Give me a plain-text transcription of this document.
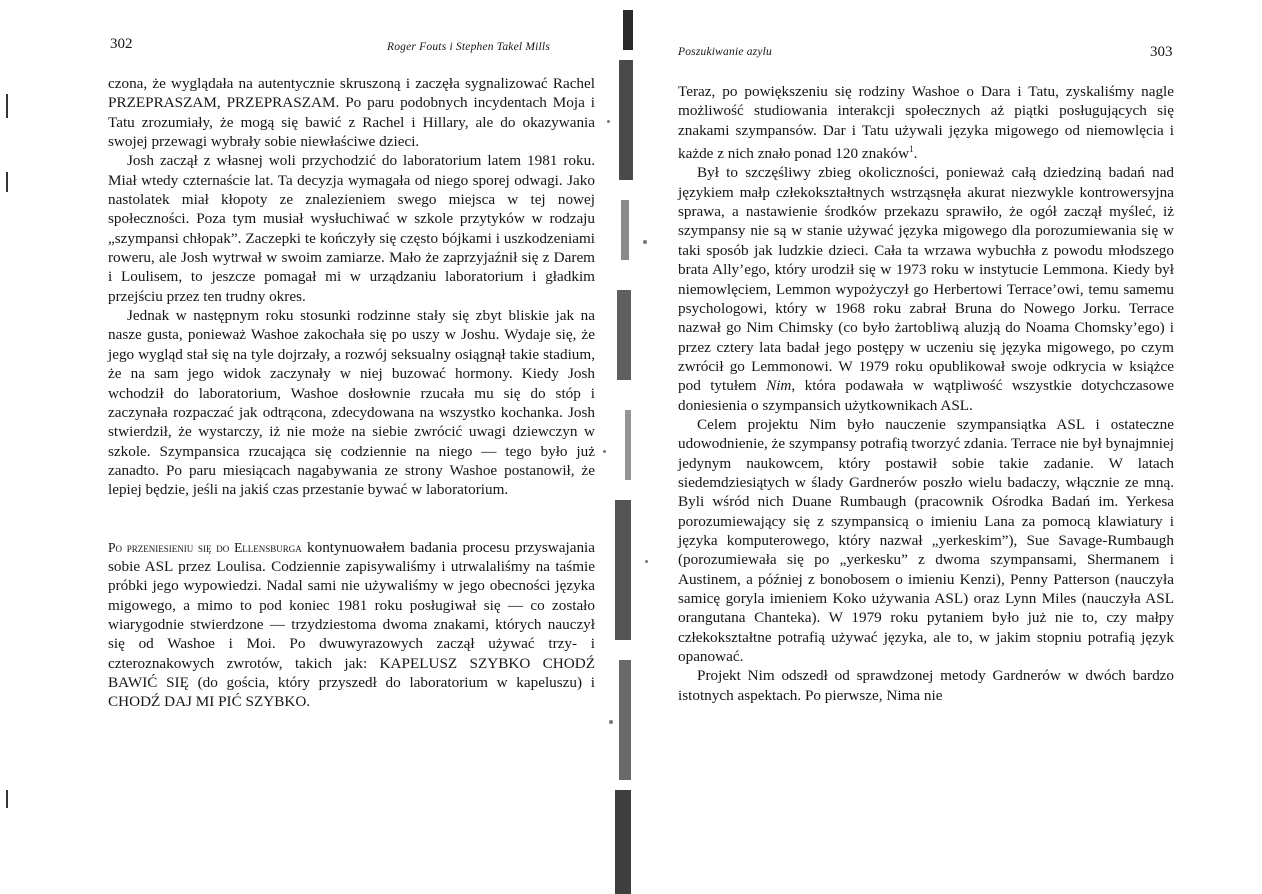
302	Roger Fouts i Stephen Takel Mills

czona, że wyglądała na autentycznie skruszoną i zaczęła sygnalizować Rachel PRZEPRASZAM, PRZEPRASZAM. Po paru podobnych incydentach Moja i Tatu zrozumiały, że mogą się bawić z Rachel i Hillary, ale do okazywania swojej przewagi wybrały sobie niewłaściwe dzieci.

Josh zaczął z własnej woli przychodzić do laboratorium latem 1981 roku. Miał wtedy czternaście lat. Ta decyzja wymagała od niego sporej odwagi. Jako nastolatek miał kłopoty ze znalezieniem swego miejsca w tej nowej społeczności. Poza tym musiał wysłuchiwać w szkole przytyków w rodzaju „szympansi chłopak”. Zaczepki te kończyły się często bójkami i uszkodzeniami roweru, ale Josh wytrwał w swoim zamiarze. Mało że zaprzyjaźnił się z Darem i Loulisem, to jeszcze pomagał mi w urządzaniu laboratorium i gładkim przejściu przez ten trudny okres.

Jednak w następnym roku stosunki rodzinne stały się zbyt bliskie jak na nasze gusta, ponieważ Washoe zakochała się po uszy w Joshu. Wydaje się, że jego wygląd stał się na tyle dojrzały, a rozwój seksualny osiągnął takie stadium, że na sam jego widok zaczynały w niej buzować hormony. Kiedy Josh wchodził do laboratorium, Washoe dosłownie rzucała mu się do stóp i zaczynała rozpaczać jak odtrącona, zdecydowana na wszystko kochanka. Josh stwierdził, że wystarczy, iż nie może na siebie zwrócić uwagi dziewczyn w szkole. Szympansica rzucająca się codziennie na niego — tego było już zanadto. Po paru miesiącach nagabywania ze strony Washoe postanowił, że lepiej będzie, jeśli na jakiś czas przestanie bywać w laboratorium.

Po przeniesieniu się do Ellensburga kontynuowałem badania procesu przyswajania sobie ASL przez Loulisa. Codziennie zapisywaliśmy i utrwalaliśmy na taśmie próbki jego wypowiedzi. Nadal sami nie używaliśmy w jego obecności języka migowego, a mimo to pod koniec 1981 roku posługiwał się — co zostało wiarygodnie stwierdzone — trzydziestoma dwoma znakami, których nauczył się od Washoe i Moi. Po dwuwyrazowych zaczął używać trzy- i czteroznakowych zwrotów, takich jak: KAPELUSZ SZYBKO CHODŹ BAWIĆ SIĘ (do gościa, który przyszedł do laboratorium w kapeluszu) i CHODŹ DAJ MI PIĆ SZYBKO.

Poszukiwanie azylu	303

Teraz, po powiększeniu się rodziny Washoe o Dara i Tatu, zyskaliśmy nagle możliwość studiowania interakcji społecznych aż piątki posługujących się znakami szympansów. Dar i Tatu używali języka migowego od niemowlęcia i każde z nich znało ponad 120 znaków$^1$.

Był to szczęśliwy zbieg okoliczności, ponieważ całą dziedziną badań nad językiem małp człekokształtnych wstrząsnęła akurat niezwykle kontrowersyjna sprawa, a nastawienie środków przekazu sprawiło, że ogół zaczął myśleć, iż szympansy nie są w stanie używać języka migowego dla porozumiewania się w taki sposób jak ludzkie dzieci. Cała ta wrzawa wybuchła z powodu młodszego brata Ally’ego, który urodził się w 1973 roku w instytucie Lemmona. Kiedy był niemowlęciem, Lemmon wypożyczył go Herbertowi Terrace’owi, temu samemu psychologowi, który w 1968 roku zabrał Bruna do Nowego Jorku. Terrace nazwał go Nim Chimsky (co było żartobliwą aluzją do Noama Chomsky’ego) i przez cztery lata badał jego postępy w uczeniu się języka migowego, po czym zwrócił go Lemmonowi. W 1979 roku opublikował swoje odkrycia w książce pod tytułem Nim, która podawała w wątpliwość wszystkie dotychczasowe doniesienia o szympansich użytkownikach ASL.

Celem projektu Nim było nauczenie szympansiątka ASL i ostateczne udowodnienie, że szympansy potrafią tworzyć zdania. Terrace nie był bynajmniej jedynym naukowcem, który postawił sobie takie zadanie. W latach siedemdziesiątych w ślady Gardnerów poszło wielu badaczy, włącznie ze mną. Byli wśród nich Duane Rumbaugh (pracownik Ośrodka Badań im. Yerkesa porozumiewający się z szympansicą o imieniu Lana za pomocą klawiatury i języka komputerowego, który nazwał „yerkeskim”), Sue Savage-Rumbaugh (porozumiewała się po „yerkesku” z dwoma szympansami, Shermanem i Austinem, a później z bonobosem o imieniu Kenzi), Penny Patterson (nauczyła samicę goryla imieniem Koko używania ASL) oraz Lynn Miles (nauczyła ASL orangutana Chanteka). W 1979 roku pytaniem było już nie to, czy małpy człekokształtne potrafią używać języka, ale to, w jakim stopniu potrafią język opanować.

Projekt Nim odszedł od sprawdzonej metody Gardnerów w dwóch bardzo istotnych aspektach. Po pierwsze, Nima nie
